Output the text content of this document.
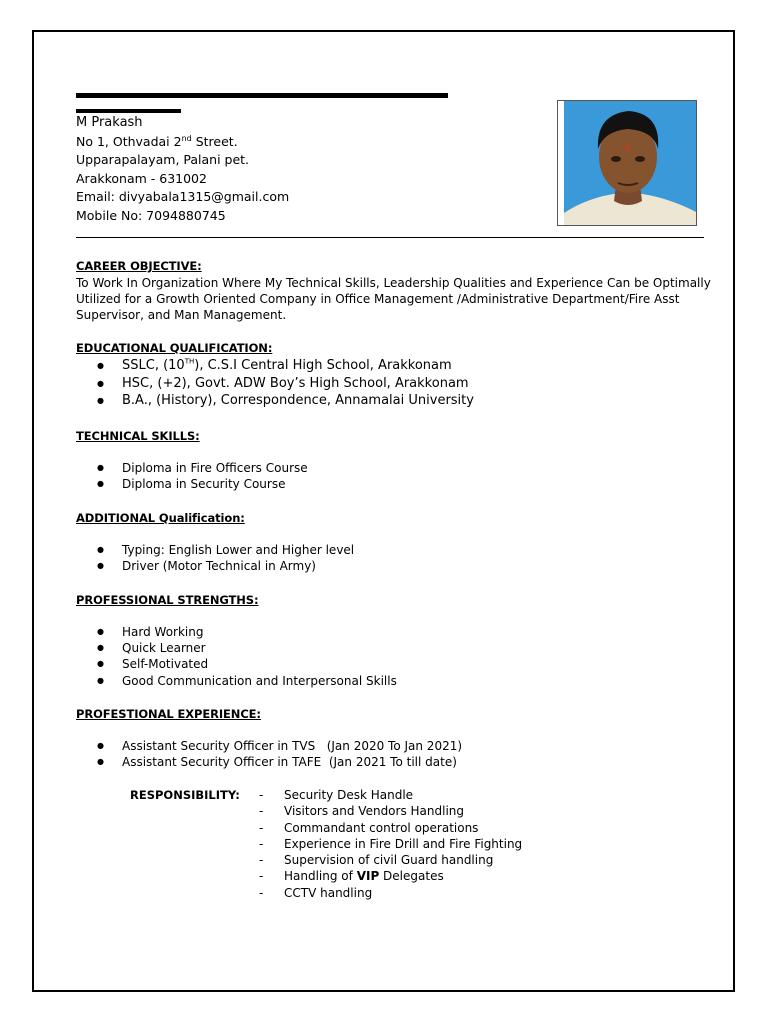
M Prakash
No 1, Othvadai 2nd Street.
Upparapalayam, Palani pet.
Arakkonam - 631002
Email: divyabala1315@gmail.com
Mobile No: 7094880745
CAREER OBJECTIVE:
To Work In Organization Where My Technical Skills, Leadership Qualities and Experience Can be Optimally Utilized for a Growth Oriented Company in Office Management /Administrative Department/Fire Asst Supervisor, and Man Management.
EDUCATIONAL QUALIFICATION:
● SSLC, (10TH), C.S.I Central High School, Arakkonam
● HSC, (+2), Govt. ADW Boy’s High School, Arakkonam
● B.A., (History), Correspondence, Annamalai University
TECHNICAL SKILLS:
● Diploma in Fire Officers Course
● Diploma in Security Course
ADDITIONAL Qualification:
● Typing: English Lower and Higher level
● Driver (Motor Technical in Army)
PROFESSIONAL STRENGTHS:
● Hard Working
● Quick Learner
● Self-Motivated
● Good Communication and Interpersonal Skills
PROFESTIONAL EXPERIENCE:
● Assistant Security Officer in TVS   (Jan 2020 To Jan 2021)
● Assistant Security Officer in TAFE  (Jan 2021 To till date)
RESPONSIBILITY:
-	Security Desk Handle
- Visitors and Vendors Handling
- Commandant control operations
- Experience in Fire Drill and Fire Fighting
- Supervision of civil Guard handling
- Handling of VIP Delegates
- CCTV handling
